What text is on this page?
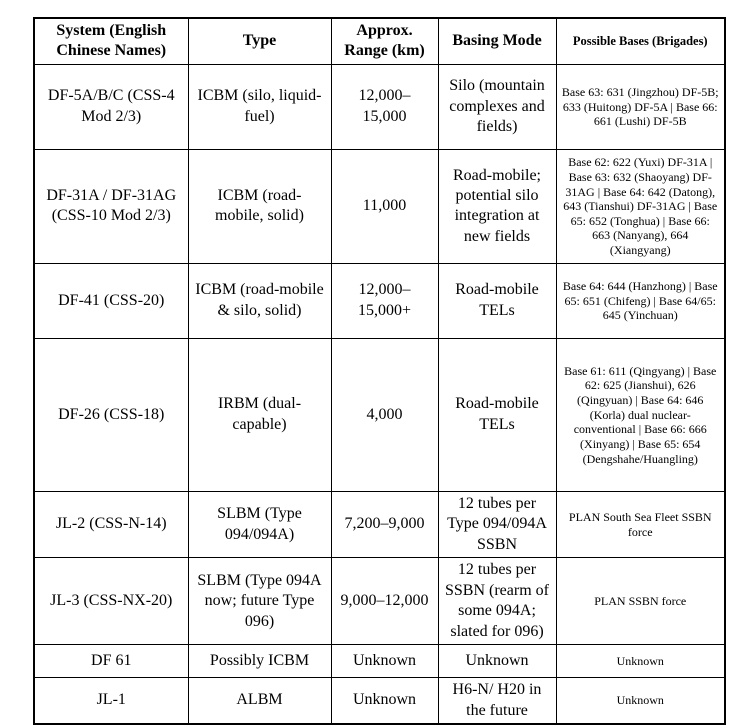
System (English Chinese Names)	Type	Approx. Range (km)	Basing Mode	Possible Bases (Brigades)
DF-5A/B/C (CSS-4 Mod 2/3)	ICBM (silo, liquid-fuel)	12,000–15,000	Silo (mountain complexes and fields)	Base 63: 631 (Jingzhou) DF-5B; 633 (Huitong) DF-5A | Base 66: 661 (Lushi) DF-5B
DF-31A / DF-31AG (CSS-10 Mod 2/3)	ICBM (road-mobile, solid)	11,000	Road-mobile; potential silo integration at new fields	Base 62: 622 (Yuxi) DF-31A | Base 63: 632 (Shaoyang) DF-31AG | Base 64: 642 (Datong), 643 (Tianshui) DF-31AG | Base 65: 652 (Tonghua) | Base 66: 663 (Nanyang), 664 (Xiangyang)
DF-41 (CSS-20)	ICBM (road-mobile & silo, solid)	12,000–15,000+	Road-mobile TELs	Base 64: 644 (Hanzhong) | Base 65: 651 (Chifeng) | Base 64/65: 645 (Yinchuan)
DF-26 (CSS-18)	IRBM (dual-capable)	4,000	Road-mobile TELs	Base 61: 611 (Qingyang) | Base 62: 625 (Jianshui), 626 (Qingyuan) | Base 64: 646 (Korla) dual nuclear-conventional | Base 66: 666 (Xinyang) | Base 65: 654 (Dengshahe/Huangling)
JL-2 (CSS-N-14)	SLBM (Type 094/094A)	7,200–9,000	12 tubes per Type 094/094A SSBN	PLAN South Sea Fleet SSBN force
JL-3 (CSS-NX-20)	SLBM (Type 094A now; future Type 096)	9,000–12,000	12 tubes per SSBN (rearm of some 094A; slated for 096)	PLAN SSBN force
DF 61	Possibly ICBM	Unknown	Unknown	Unknown
JL-1	ALBM	Unknown	H6-N/ H20 in the future	Unknown
